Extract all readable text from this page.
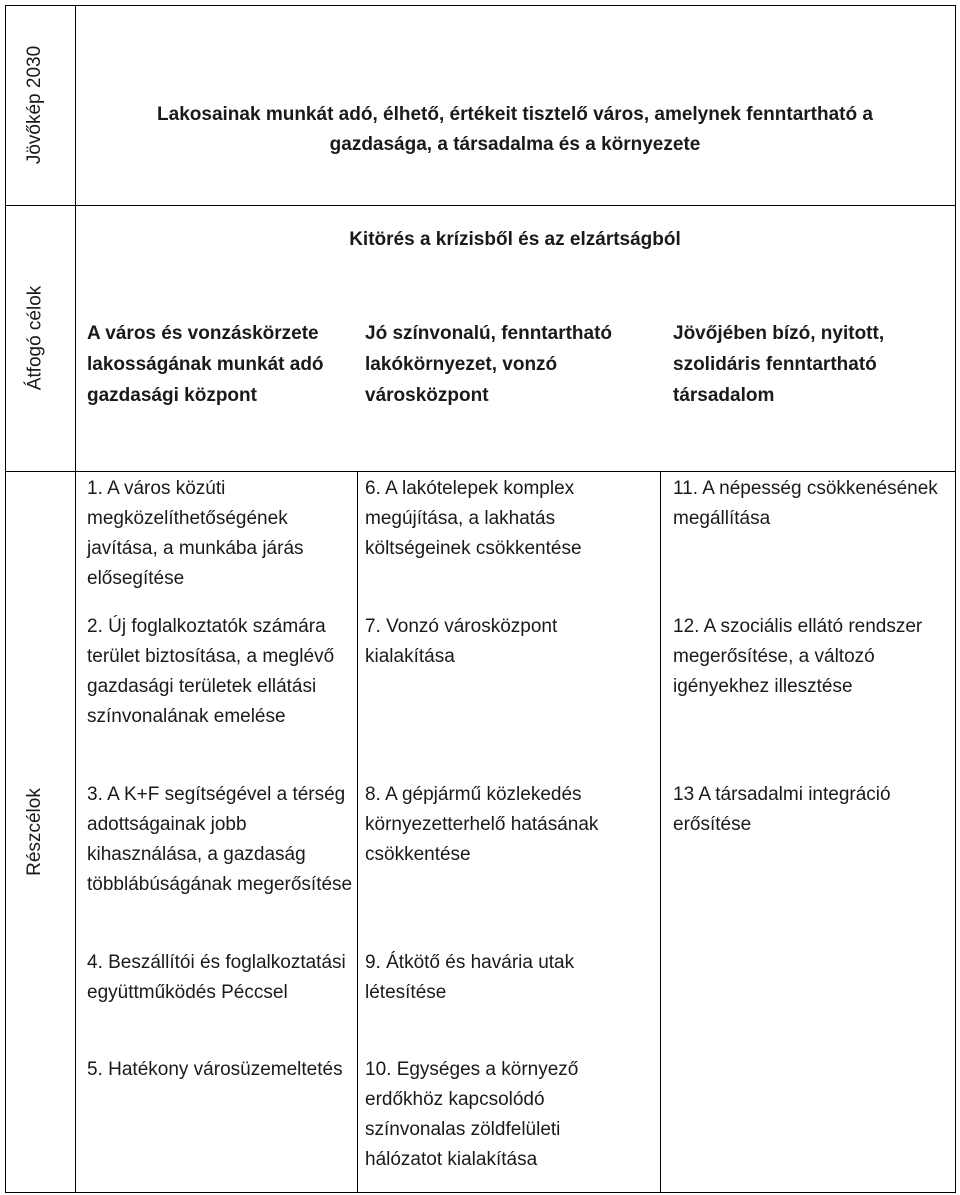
Jövőkép 2030
Átfogó célok
Részcélok
Lakosainak munkát adó, élhető, értékeit tisztelő város, amelynek fenntartható a gazdasága, a társadalma és a környezete
Kitörés a krízisből és az elzártságból
A város és vonzáskörzete lakosságának munkát adó gazdasági központ
Jó színvonalú, fenntartható lakókörnyezet, vonzó városközpont
Jövőjében bízó, nyitott, szolidáris fenntartható társadalom
1. A város közúti megközelíthetőségének javítása, a munkába járás elősegítése
2. Új foglalkoztatók számára terület biztosítása, a meglévő gazdasági területek ellátási színvonalának emelése
3. A K+F segítségével a térség adottságainak jobb kihasználása, a gazdaság többlábúságának megerősítése
4. Beszállítói és foglalkoztatási együttműködés Péccsel
5. Hatékony városüzemeltetés
6. A lakótelepek komplex megújítása, a lakhatás költségeinek csökkentése
7. Vonzó városközpont kialakítása
8. A gépjármű közlekedés környezetterhelő hatásának csökkentése
9. Átkötő és havária utak létesítése
10. Egységes a környező erdőkhöz kapcsolódó színvonalas zöldfelületi hálózatot kialakítása
11. A népesség csökkenésének megállítása
12. A szociális ellátó rendszer megerősítése, a változó igényekhez illesztése
13 A társadalmi integráció erősítése
